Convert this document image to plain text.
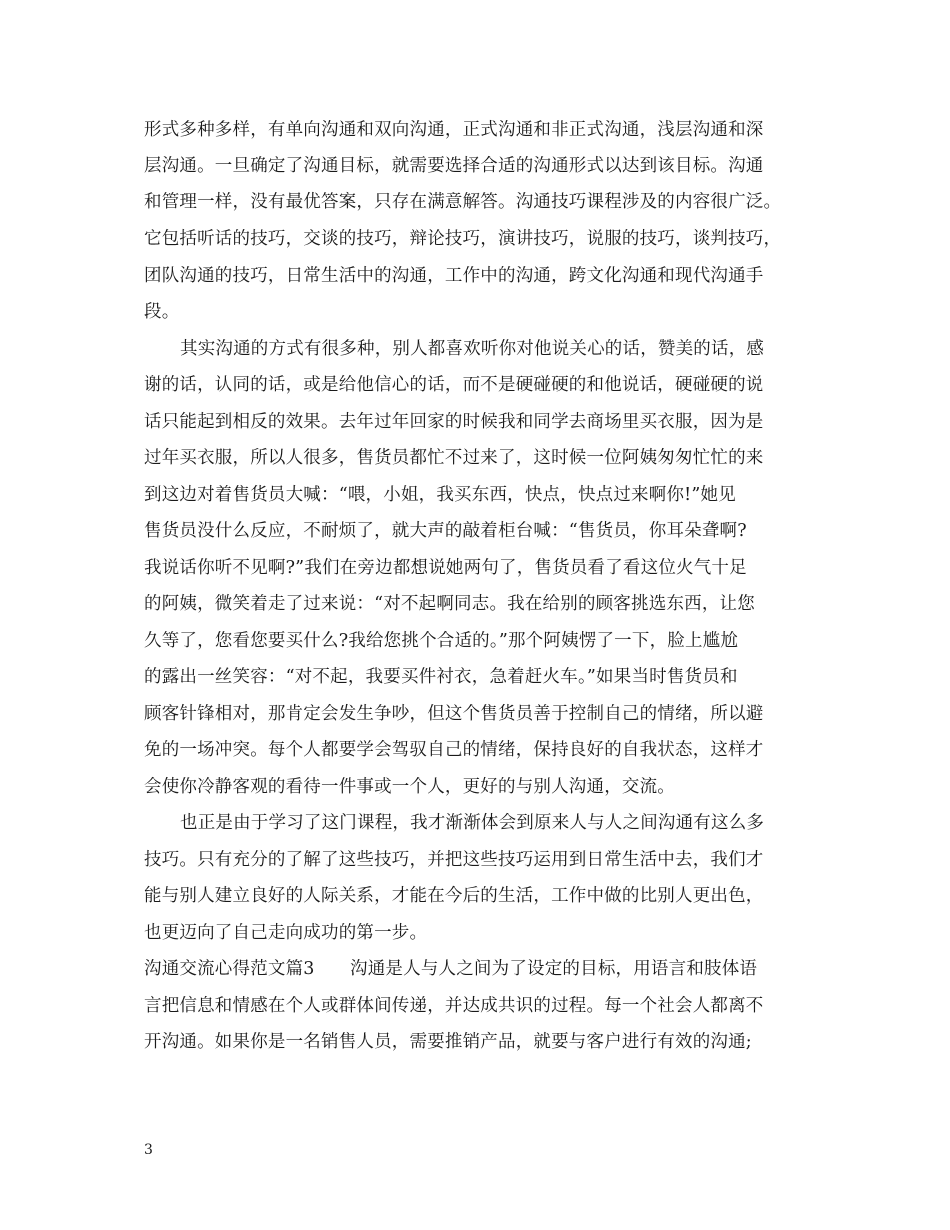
形式多种多样，有单向沟通和双向沟通，正式沟通和非正式沟通，浅层沟通和深
层沟通。一旦确定了沟通目标，就需要选择合适的沟通形式以达到该目标。沟通
和管理一样，没有最优答案，只存在满意解答。沟通技巧课程涉及的内容很广泛。
它包括听话的技巧，交谈的技巧，辩论技巧，演讲技巧，说服的技巧，谈判技巧，
团队沟通的技巧，日常生活中的沟通，工作中的沟通，跨文化沟通和现代沟通手
段。
其实沟通的方式有很多种，别人都喜欢听你对他说关心的话，赞美的话，感
谢的话，认同的话，或是给他信心的话，而不是硬碰硬的和他说话，硬碰硬的说
话只能起到相反的效果。去年过年回家的时候我和同学去商场里买衣服，因为是
过年买衣服，所以人很多，售货员都忙不过来了，这时候一位阿姨匆匆忙忙的来
到这边对着售货员大喊：“喂，小姐，我买东西，快点，快点过来啊你!”她见
售货员没什么反应，不耐烦了，就大声的敲着柜台喊：“售货员，你耳朵聋啊?
我说话你听不见啊?”我们在旁边都想说她两句了，售货员看了看这位火气十足
的阿姨，微笑着走了过来说：“对不起啊同志。我在给别的顾客挑选东西，让您
久等了，您看您要买什么?我给您挑个合适的。”那个阿姨愣了一下，脸上尴尬
的露出一丝笑容：“对不起，我要买件衬衣，急着赶火车。”如果当时售货员和
顾客针锋相对，那肯定会发生争吵，但这个售货员善于控制自己的情绪，所以避
免的一场冲突。每个人都要学会驾驭自己的情绪，保持良好的自我状态，这样才
会使你冷静客观的看待一件事或一个人，更好的与别人沟通，交流。
也正是由于学习了这门课程，我才渐渐体会到原来人与人之间沟通有这么多
技巧。只有充分的了解了这些技巧，并把这些技巧运用到日常生活中去，我们才
能与别人建立良好的人际关系，才能在今后的生活，工作中做的比别人更出色，
也更迈向了自己走向成功的第一步。
沟通交流心得范文篇3　　沟通是人与人之间为了设定的目标，用语言和肢体语
言把信息和情感在个人或群体间传递，并达成共识的过程。每一个社会人都离不
开沟通。如果你是一名销售人员，需要推销产品，就要与客户进行有效的沟通;
3
